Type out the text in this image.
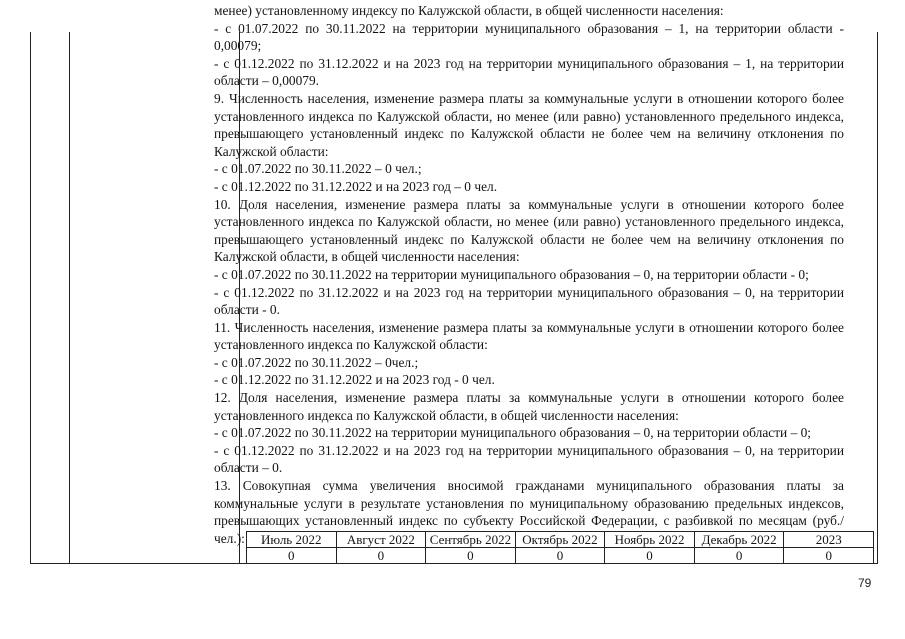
менее) установленному индексу по Калужской области, в общей численности населения:

- с 01.07.2022 по 30.11.2022 на территории муниципального образования – 1, на территории области - 0,00079;

- с 01.12.2022 по 31.12.2022 и на 2023 год на территории муниципального образования – 1, на территории области – 0,00079.

9. Численность населения, изменение размера платы за коммунальные услуги в отношении которого более установленного индекса по Калужской области, но менее (или равно) установленного предельного индекса, превышающего установленный индекс по Калужской области не более чем на величину отклонения по Калужской области:

- с 01.07.2022 по 30.11.2022 – 0 чел.;

- с 01.12.2022 по 31.12.2022 и на 2023 год – 0 чел.

10. Доля населения, изменение размера платы за коммунальные услуги в отношении которого более установленного индекса по Калужской области, но менее (или равно) установленного предельного индекса, превышающего установленный индекс по Калужской области не более чем на величину отклонения по Калужской области, в общей численности населения:

- с 01.07.2022 по 30.11.2022 на территории муниципального образования – 0, на территории области - 0;

- с 01.12.2022 по 31.12.2022 и на 2023 год на территории муниципального образования – 0, на территории области - 0.

11. Численность населения, изменение размера платы за коммунальные услуги в отношении которого более установленного индекса по Калужской области:

- с 01.07.2022 по 30.11.2022 – 0чел.;

- с 01.12.2022 по 31.12.2022 и на 2023 год - 0 чел.

12. Доля населения, изменение размера платы за коммунальные услуги в отношении которого более установленного индекса по Калужской области, в общей численности населения:

- с 01.07.2022 по 30.11.2022 на территории муниципального образования – 0, на территории области – 0;

- с 01.12.2022 по 31.12.2022 и на 2023 год на территории муниципального образования – 0, на территории области – 0.

13. Совокупная сумма увеличения вносимой гражданами муниципального образования платы за коммунальные услуги в результате установления по муниципальному образованию предельных индексов, превышающих установленный индекс по субъекту Российской Федерации, с разбивкой по месяцам (руб./чел.):	Июль 2022	Август 2022	Сентябрь 2022	Октябрь 2022	Ноябрь 2022	Декабрь 2022	2023
0	0	0	0	0	0	0
79
